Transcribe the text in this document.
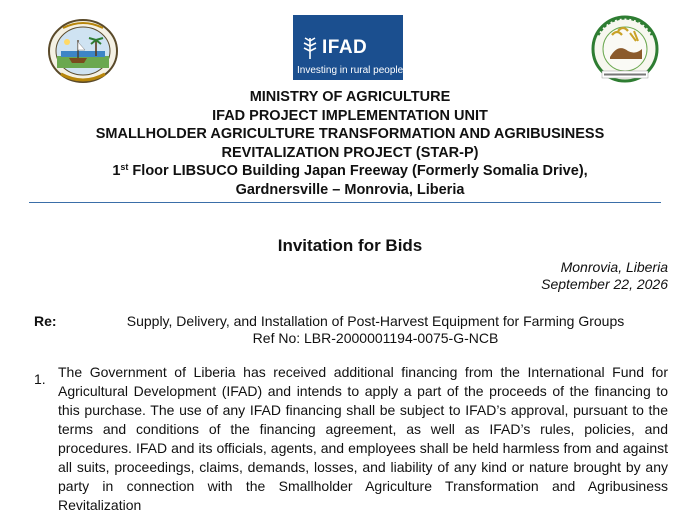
IFAD
Investing in rural people
MINISTRY OF AGRICULTURE
IFAD PROJECT IMPLEMENTATION UNIT
SMALLHOLDER AGRICULTURE TRANSFORMATION AND AGRIBUSINESS
REVITALIZATION PROJECT (STAR-P)
1st Floor LIBSUCO Building Japan Freeway (Formerly Somalia Drive),
Gardnersville – Monrovia, Liberia
Invitation for Bids
Monrovia, Liberia
September 22, 2026
Re:	Supply, Delivery, and Installation of Post-Harvest Equipment for Farming Groups
Ref No: LBR-2000001194-0075-G-NCB
1. The Government of Liberia has received additional financing from the International Fund for Agricultural Development (IFAD) and intends to apply a part of the proceeds of the financing to this purchase. The use of any IFAD financing shall be subject to IFAD’s approval, pursuant to the terms and conditions of the financing agreement, as well as IFAD’s rules, policies, and procedures. IFAD and its officials, agents, and employees shall be held harmless from and against all suits, proceedings, claims, demands, losses, and liability of any kind or nature brought by any party in connection with the Smallholder Agriculture Transformation and Agribusiness Revitalization
